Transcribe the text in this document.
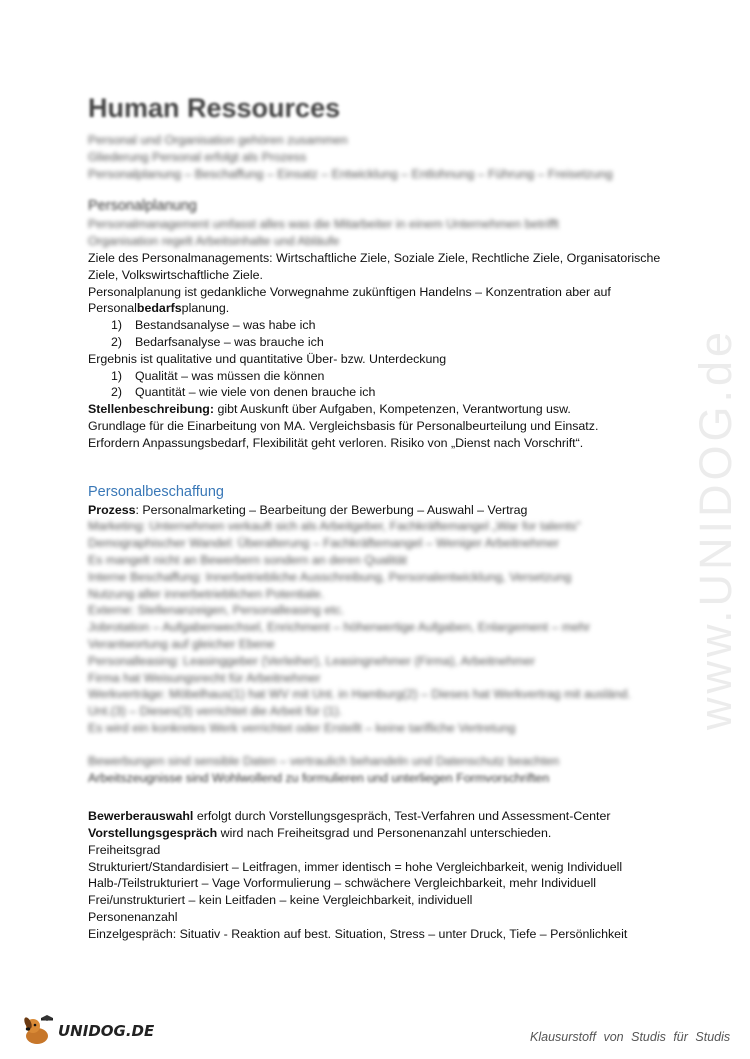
Human Ressources
Personal und Organisation gehören zusammen
Gliederung Personal erfolgt als Prozess
Personalplanung – Beschaffung – Einsatz – Entwicklung – Entlohnung – Führung – Freisetzung
Personalplanung
Personalmanagement umfasst alles was die Mitarbeiter in einem Unternehmen betrifft
Organisation regelt Arbeitsinhalte und Abläufe
Ziele des Personalmanagements: Wirtschaftliche Ziele, Soziale Ziele, Rechtliche Ziele, Organisatorische
Ziele, Volkswirtschaftliche Ziele.
Personalplanung ist gedankliche Vorwegnahme zukünftigen Handelns – Konzentration aber auf
Personalbedarfsplanung.
1) Bestandsanalyse – was habe ich
2) Bedarfsanalyse – was brauche ich
Ergebnis ist qualitative und quantitative Über- bzw. Unterdeckung
1) Qualität – was müssen die können
2) Quantität – wie viele von denen brauche ich
Stellenbeschreibung: gibt Auskunft über Aufgaben, Kompetenzen, Verantwortung usw.
Grundlage für die Einarbeitung von MA. Vergleichsbasis für Personalbeurteilung und Einsatz.
Erfordern Anpassungsbedarf, Flexibilität geht verloren. Risiko von „Dienst nach Vorschrift“.
Personalbeschaffung
Prozess: Personalmarketing – Bearbeitung der Bewerbung – Auswahl – Vertrag
Marketing: Unternehmen verkauft sich als Arbeitgeber, Fachkräftemangel „War for talents“
Demographischer Wandel: Überalterung – Fachkräftemangel – Weniger Arbeitnehmer
Es mangelt nicht an Bewerbern sondern an deren Qualität
Interne Beschaffung: Innerbetriebliche Ausschreibung, Personalentwicklung, Versetzung
Nutzung aller innerbetrieblichen Potentiale.
Externe: Stellenanzeigen, Personalleasing etc.
Jobrotation – Aufgabenwechsel, Enrichment – höherwertige Aufgaben, Enlargement – mehr
Verantwortung auf gleicher Ebene
Personalleasing: Leasinggeber (Verleiher), Leasingnehmer (Firma), Arbeitnehmer
Firma hat Weisungsrecht für Arbeitnehmer
Werkverträge: Möbelhaus(1) hat WV mit Unt. in Hamburg(2) – Dieses hat Werkvertrag mit ausländ.
Unt.(3) – Dieses(3) verrichtet die Arbeit für (1).
Es wird ein konkretes Werk verrichtet oder Erstellt – keine tarifliche Vertretung
Bewerbungen sind sensible Daten – vertraulich behandeln und Datenschutz beachten
Arbeitszeugnisse sind Wohlwollend zu formulieren und unterliegen Formvorschriften
Bewerberauswahl erfolgt durch Vorstellungsgespräch, Test-Verfahren und Assessment-Center
Vorstellungsgespräch wird nach Freiheitsgrad und Personenanzahl unterschieden.
Freiheitsgrad
Strukturiert/Standardisiert – Leitfragen, immer identisch = hohe Vergleichbarkeit, wenig Individuell
Halb-/Teilstrukturiert – Vage Vorformulierung – schwächere Vergleichbarkeit, mehr Individuell
Frei/unstrukturiert – kein Leitfaden – keine Vergleichbarkeit, individuell
Personenanzahl
Einzelgespräch: Situativ - Reaktion auf best. Situation, Stress – unter Druck, Tiefe – Persönlichkeit
www.UNIDOG.de
UNIDOG.DE	Klausurstoff von Studis für Studis
